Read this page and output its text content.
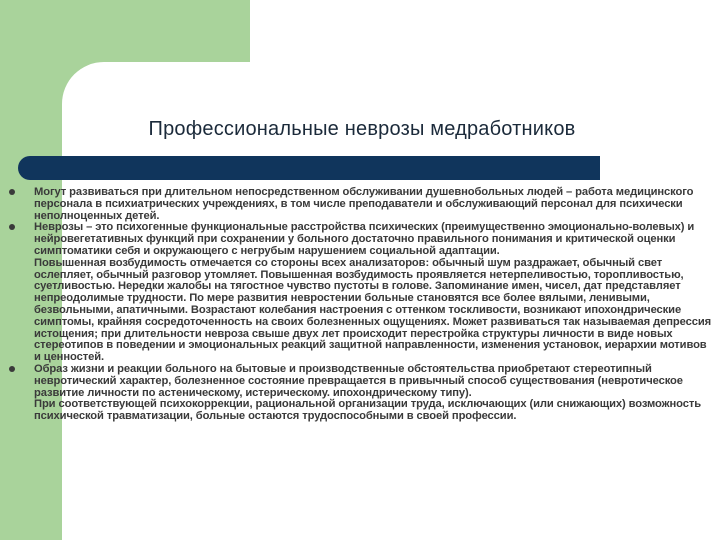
Профессиональные неврозы медработников

Могут развиваться при длительном непосредственном обслуживании душевнобольных людей – работа медицинского персонала в психиатрических учреждениях, в том числе преподаватели и обслуживающий персонал для психически неполноценных детей.

Неврозы – это психогенные функциональные расстройства психических (преимущественно эмоционально-волевых) и нейровегетативных функций при сохранении у больного достаточно правильного понимания и критической оценки симптоматики себя и окружающего с негрубым нарушением социальной адаптации.

Повышенная возбудимость отмечается со стороны всех анализаторов: обычный шум раздражает, обычный свет ослепляет, обычный разговор утомляет. Повышенная возбудимость проявляется нетерпеливостью, торопливостью, суетливостью. Нередки жалобы на тягостное чувство пустоты в голове. Запоминание имен, чисел, дат представляет непреодолимые трудности. По мере развития невростении больные становятся все более вялыми, ленивыми, безвольными, апатичными. Возрастают колебания настроения с оттенком тоскливости, возникают ипохондрические симптомы, крайняя сосредоточенность на своих болезненных ощущениях. Может развиваться так называемая депрессия истощения; при длительности невроза свыше двух лет происходит перестройка структуры личности в виде новых стереотипов в поведении и эмоциональных реакций защитной направленности, изменения установок, иерархии мотивов и ценностей.

Образ жизни и реакции больного на бытовые и производственные обстоятельства приобретают стереотипный невротический характер, болезненное состояние превращается в привычный способ существования (невротическое развитие личности по астеническому, истерическому. ипохондрическому типу).

При соответствующей психокоррекции, рациональной организации труда, исключающих (или снижающих) возможность психической травматизации, больные остаются трудоспособными в своей профессии.
